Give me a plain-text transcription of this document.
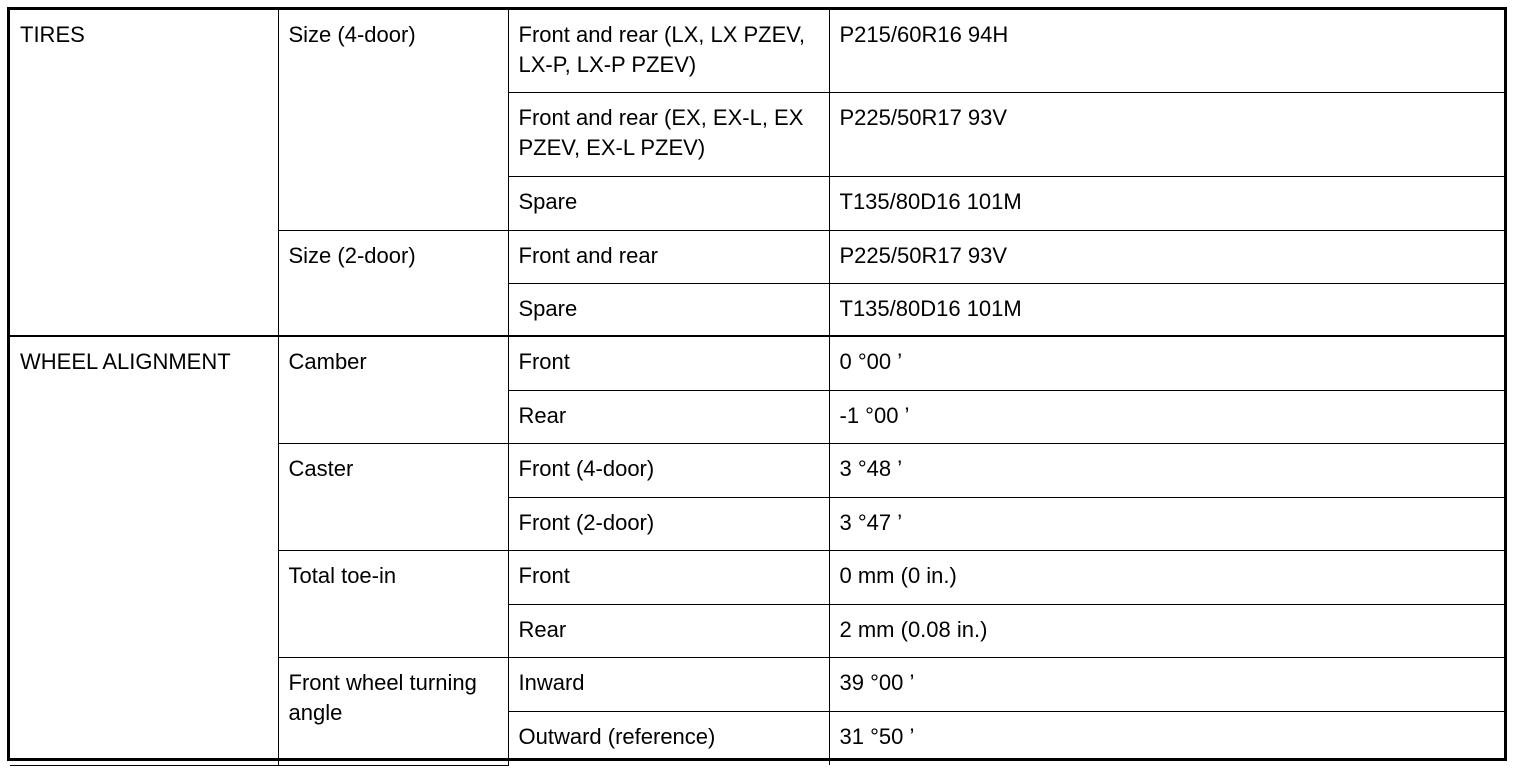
TIRES	Size (4-door)	Front and rear (LX, LX PZEV, LX-P, LX-P PZEV)	P215/60R16 94H
		Front and rear (EX, EX-L, EX PZEV, EX-L PZEV)	P225/50R17 93V
		Spare	T135/80D16 101M
	Size (2-door)	Front and rear	P225/50R17 93V
		Spare	T135/80D16 101M
WHEEL ALIGNMENT	Camber	Front	0 °00 ’
		Rear	-1 °00 ’
	Caster	Front (4-door)	3 °48 ’
		Front (2-door)	3 °47 ’
	Total toe-in	Front	0 mm (0 in.)
		Rear	2 mm (0.08 in.)
	Front wheel turning angle	Inward	39 °00 ’
		Outward (reference)	31 °50 ’
